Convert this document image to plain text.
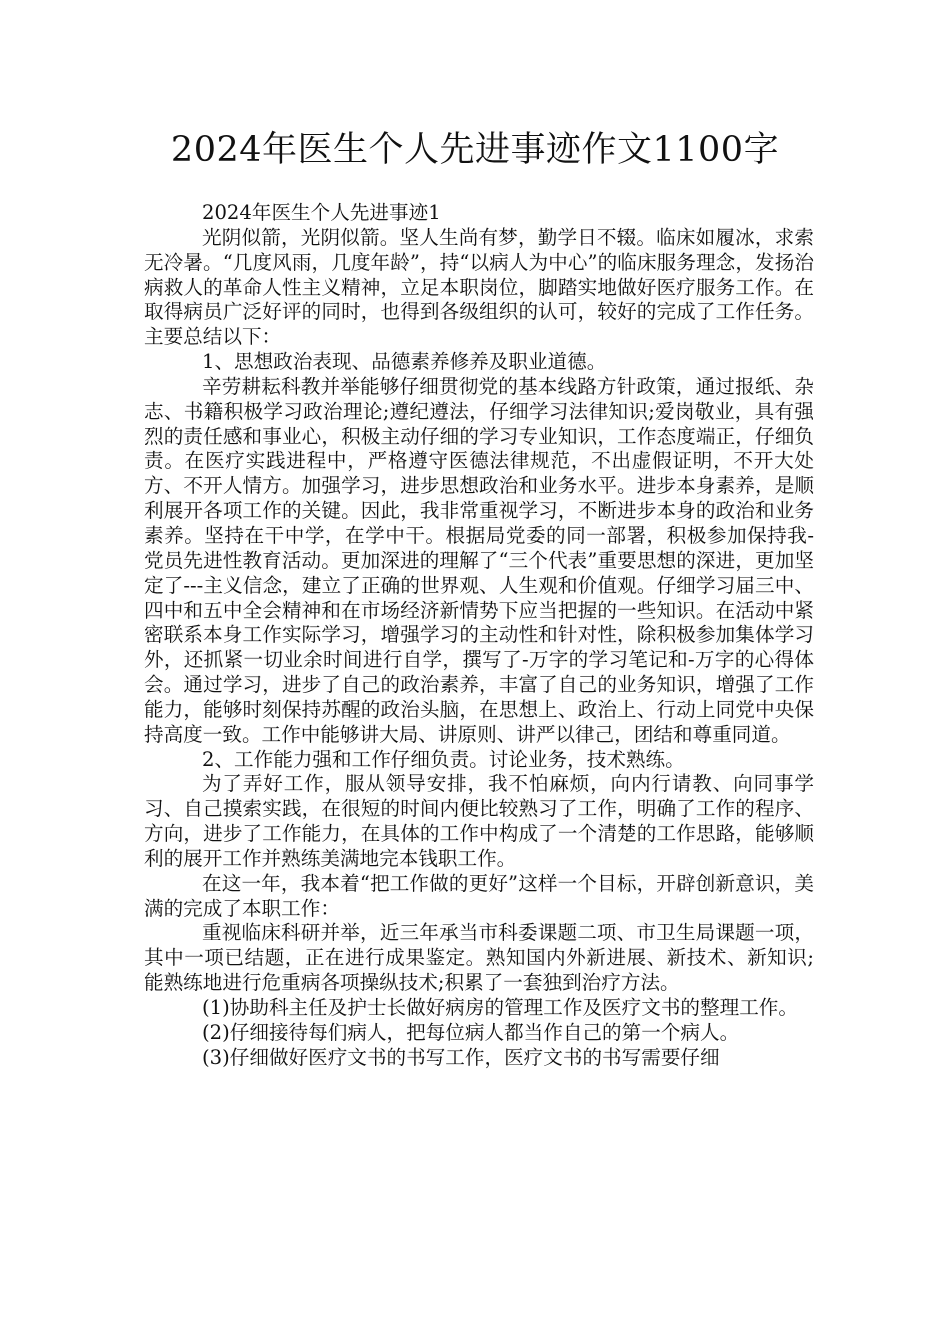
2024年医生个人先进事迹作文1100字

2024年医生个人先进事迹1

光阴似箭，光阴似箭。坚人生尚有梦，勤学日不辍。临床如履冰，求索无冷暑。“几度风雨，几度年龄”，持“以病人为中心”的临床服务理念，发扬治病救人的革命人性主义精神，立足本职岗位，脚踏实地做好医疗服务工作。在取得病员广泛好评的同时，也得到各级组织的认可，较好的完成了工作任务。主要总结以下：

1、思想政治表现、品德素养修养及职业道德。

辛劳耕耘科教并举能够仔细贯彻党的基本线路方针政策，通过报纸、杂志、书籍积极学习政治理论;遵纪遵法，仔细学习法律知识;爱岗敬业，具有强烈的责任感和事业心，积极主动仔细的学习专业知识，工作态度端正，仔细负责。在医疗实践进程中，严格遵守医德法律规范，不出虚假证明，不开大处方、不开人情方。加强学习，进步思想政治和业务水平。进步本身素养，是顺利展开各项工作的关键。因此，我非常重视学习，不断进步本身的政治和业务素养。坚持在干中学，在学中干。根据局党委的同一部署，积极参加保持我-党员先进性教育活动。更加深进的理解了“三个代表”重要思想的深进，更加坚定了---主义信念，建立了正确的世界观、人生观和价值观。仔细学习届三中、四中和五中全会精神和在市场经济新情势下应当把握的一些知识。在活动中紧密联系本身工作实际学习，增强学习的主动性和针对性，除积极参加集体学习外，还抓紧一切业余时间进行自学，撰写了-万字的学习笔记和-万字的心得体会。通过学习，进步了自己的政治素养，丰富了自己的业务知识，增强了工作能力，能够时刻保持苏醒的政治头脑，在思想上、政治上、行动上同党中央保持高度一致。工作中能够讲大局、讲原则、讲严以律己，团结和尊重同道。

2、工作能力强和工作仔细负责。讨论业务，技术熟练。

为了弄好工作，服从领导安排，我不怕麻烦，向内行请教、向同事学习、自己摸索实践，在很短的时间内便比较熟习了工作，明确了工作的程序、方向，进步了工作能力，在具体的工作中构成了一个清楚的工作思路，能够顺利的展开工作并熟练美满地完本钱职工作。

在这一年，我本着“把工作做的更好”这样一个目标，开辟创新意识，美满的完成了本职工作：

重视临床科研并举，近三年承当市科委课题二项、市卫生局课题一项，其中一项已结题，正在进行成果鉴定。熟知国内外新进展、新技术、新知识;能熟练地进行危重病各项操纵技术;积累了一套独到治疗方法。

(1)协助科主任及护士长做好病房的管理工作及医疗文书的整理工作。

(2)仔细接待每们病人，把每位病人都当作自己的第一个病人。

(3)仔细做好医疗文书的书写工作，医疗文书的书写需要仔细
